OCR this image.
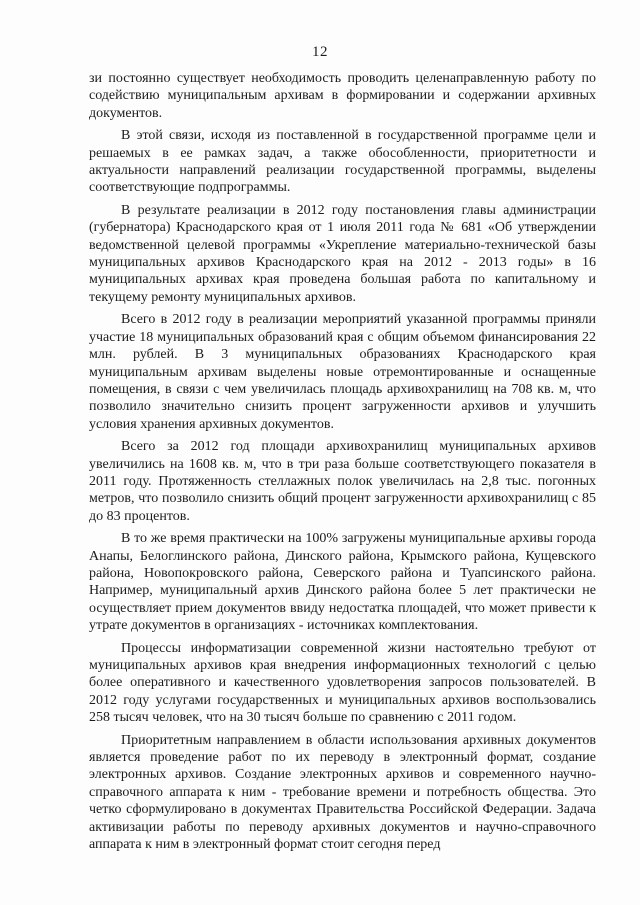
12

зи постоянно существует необходимость проводить целенаправленную работу по содействию муниципальным архивам в формировании и содержании архивных документов.

В этой связи, исходя из поставленной в государственной программе цели и решаемых в ее рамках задач, а также обособленности, приоритетности и актуальности направлений реализации государственной программы, выделены соответствующие подпрограммы.

В результате реализации в 2012 году постановления главы администрации (губернатора) Краснодарского края от 1 июля 2011 года № 681 «Об утверждении ведомственной целевой программы «Укрепление материально-технической базы муниципальных архивов Краснодарского края на 2012 - 2013 годы» в 16 муниципальных архивах края проведена большая работа по капитальному и текущему ремонту муниципальных архивов.

Всего в 2012 году в реализации мероприятий указанной программы приняли участие 18 муниципальных образований края с общим объемом финансирования 22 млн. рублей. В 3 муниципальных образованиях Краснодарского края муниципальным архивам выделены новые отремонтированные и оснащенные помещения, в связи с чем увеличилась площадь архивохранилищ на 708 кв. м, что позволило значительно снизить процент загруженности архивов и улучшить условия хранения архивных документов.

Всего за 2012 год площади архивохранилищ муниципальных архивов увеличились на 1608 кв. м, что в три раза больше соответствующего показателя в 2011 году. Протяженность стеллажных полок увеличилась на 2,8 тыс. погонных метров, что позволило снизить общий процент загруженности архивохранилищ с 85 до 83 процентов.

В то же время практически на 100% загружены муниципальные архивы города Анапы, Белоглинского района, Динского района, Крымского района, Кущевского района, Новопокровского района, Северского района и Туапсинского района. Например, муниципальный архив Динского района более 5 лет практически не осуществляет прием документов ввиду недостатка площадей, что может привести к утрате документов в организациях - источниках комплектования.

Процессы информатизации современной жизни настоятельно требуют от муниципальных архивов края внедрения информационных технологий с целью более оперативного и качественного удовлетворения запросов пользователей. В 2012 году услугами государственных и муниципальных архивов воспользовались 258 тысяч человек, что на 30 тысяч больше по сравнению с 2011 годом.

Приоритетным направлением в области использования архивных документов является проведение работ по их переводу в электронный формат, создание электронных архивов. Создание электронных архивов и современного научно-справочного аппарата к ним - требование времени и потребность общества. Это четко сформулировано в документах Правительства Российской Федерации. Задача активизации работы по переводу архивных документов и научно-справочного аппарата к ним в электронный формат стоит сегодня перед
